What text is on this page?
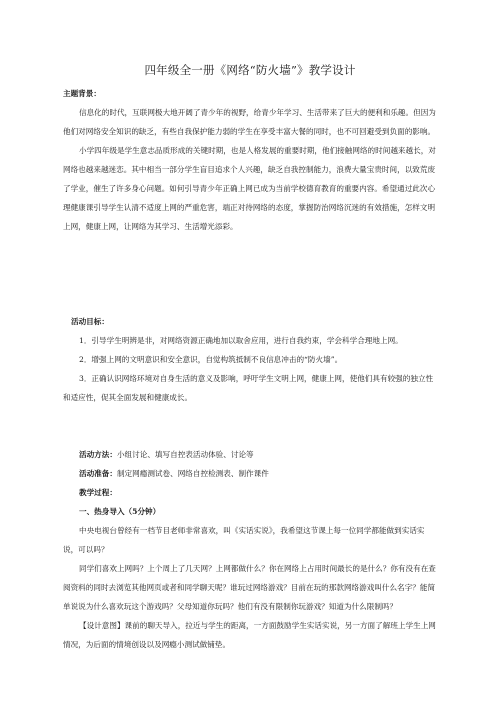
四年级全一册《网络“防火墙”》教学设计

主题背景：

信息化的时代，互联网极大地开阔了青少年的视野，给青少年学习、生活带来了巨大的便利和乐趣。但因为他们对网络安全知识的缺乏，有些自我保护能力弱的学生在享受丰富大餐的同时，也不可回避受到负面的影响。

小学四年级是学生意志品质形成的关键时期，也是人格发展的重要时期，他们接触网络的时间越来越长，对网络也越来越迷恋。其中相当一部分学生盲目追求个人兴趣，缺乏自我控制能力，浪费大量宝贵时间，以致荒废了学业，催生了许多身心问题。如何引导青少年正确上网已成为当前学校德育教育的重要内容。希望通过此次心理健康课引导学生认清不适度上网的严重危害，端正对待网络的态度，掌握防治网络沉迷的有效措施，怎样文明上网，健康上网，让网络为其学习、生活增光添彩。

活动目标：

1．引导学生明辨是非，对网络资源正确地加以取舍应用，进行自我约束，学会科学合理地上网。

2．增强上网的文明意识和安全意识，自觉构筑抵制不良信息冲击的“防火墙”。

3．正确认识网络环境对自身生活的意义及影响，呼吁学生文明上网，健康上网，使他们具有较强的独立性和适应性，促其全面发展和健康成长。

活动方法：小组讨论、填写自控表活动体验、讨论等

活动准备：制定网瘾测试卷、网络自控检测表、制作课件

教学过程：

一、热身导入（5分钟）

中央电视台曾经有一档节目老师非常喜欢，叫《实话实说》，我希望这节课上每一位同学都能做到实话实说，可以吗？

同学们喜欢上网吗？上个周上了几天网？上网都做什么？你在网络上占用时间最长的是什么？你有没有在查阅资料的同时去浏览其他网页或者和同学聊天呢？谁玩过网络游戏？目前在玩的那款网络游戏叫什么名字？能简单说说为什么喜欢玩这个游戏吗？父母知道你玩吗？他们有没有限制你玩游戏？知道为什么限制吗？

【设计意图】课前的聊天导入，拉近与学生的距离，一方面鼓励学生实话实说，另一方面了解班上学生上网情况，为后面的情境创设以及网瘾小测试做铺垫。
